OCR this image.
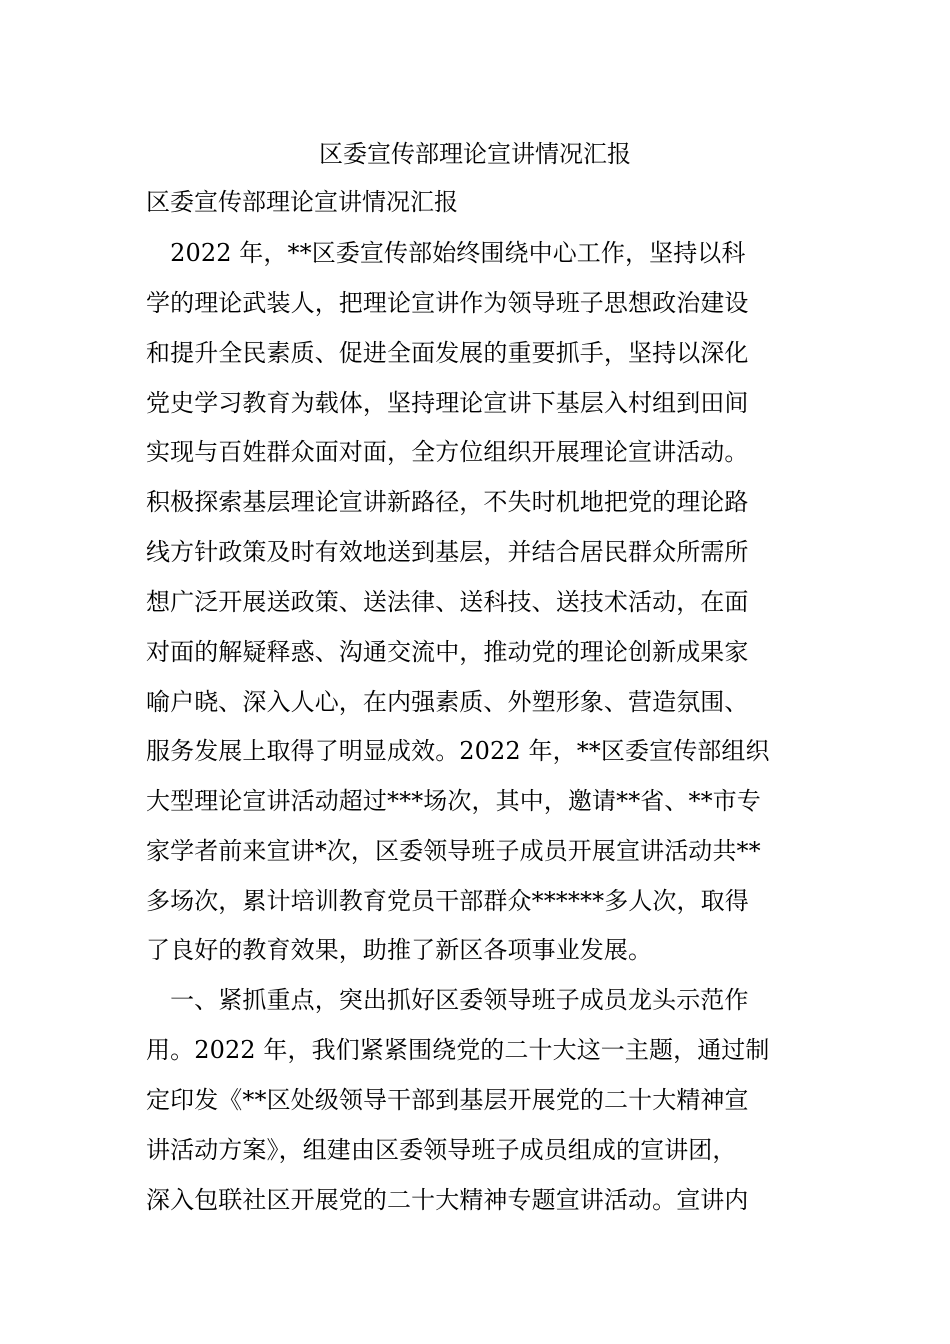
区委宣传部理论宣讲情况汇报
区委宣传部理论宣讲情况汇报
　2022 年，**区委宣传部始终围绕中心工作，坚持以科
学的理论武装人，把理论宣讲作为领导班子思想政治建设
和提升全民素质、促进全面发展的重要抓手，坚持以深化
党史学习教育为载体，坚持理论宣讲下基层入村组到田间
实现与百姓群众面对面，全方位组织开展理论宣讲活动。
积极探索基层理论宣讲新路径，不失时机地把党的理论路
线方针政策及时有效地送到基层，并结合居民群众所需所
想广泛开展送政策、送法律、送科技、送技术活动，在面
对面的解疑释惑、沟通交流中，推动党的理论创新成果家
喻户晓、深入人心，在内强素质、外塑形象、营造氛围、
服务发展上取得了明显成效。2022 年，**区委宣传部组织
大型理论宣讲活动超过***场次，其中，邀请**省、**市专
家学者前来宣讲*次，区委领导班子成员开展宣讲活动共**
多场次，累计培训教育党员干部群众******多人次，取得
了良好的教育效果，助推了新区各项事业发展。
　一、紧抓重点，突出抓好区委领导班子成员龙头示范作
用。2022 年，我们紧紧围绕党的二十大这一主题，通过制
定印发《**区处级领导干部到基层开展党的二十大精神宣
讲活动方案》，组建由区委领导班子成员组成的宣讲团，
深入包联社区开展党的二十大精神专题宣讲活动。宣讲内
